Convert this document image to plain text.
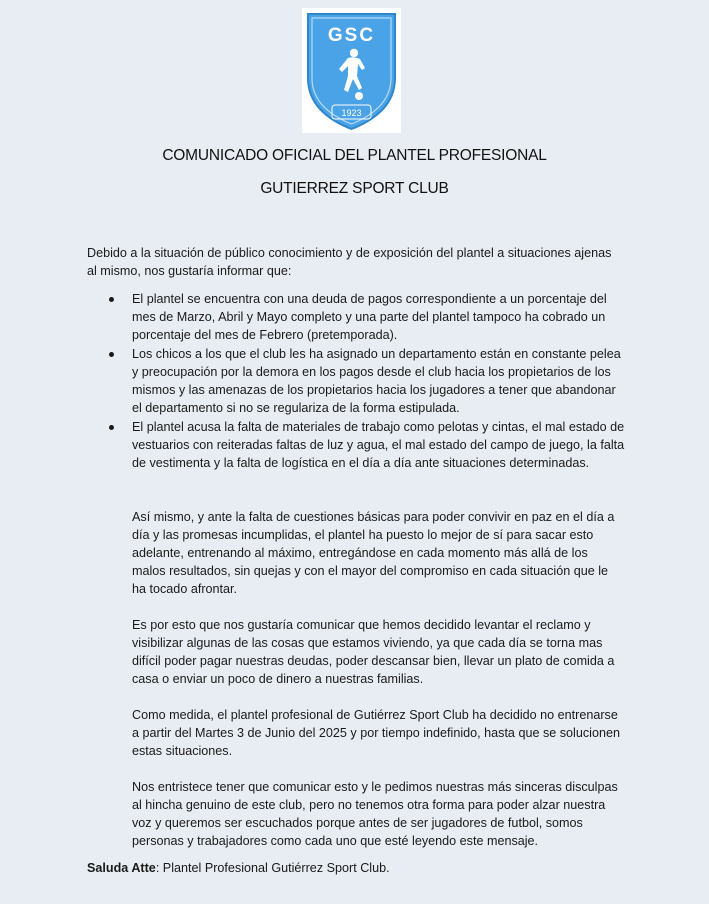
GSC
1923
COMUNICADO OFICIAL DEL PLANTEL PROFESIONAL
GUTIERREZ SPORT CLUB

Debido a la situación de público conocimiento y de exposición del plantel a situaciones ajenas al mismo, nos gustaría informar que:

El plantel se encuentra con una deuda de pagos correspondiente a un porcentaje del mes de Marzo, Abril y Mayo completo y una parte del plantel tampoco ha cobrado un porcentaje del mes de Febrero (pretemporada).
Los chicos a los que el club les ha asignado un departamento están en constante pelea y preocupación por la demora en los pagos desde el club hacia los propietarios de los mismos y las amenazas de los propietarios hacia los jugadores a tener que abandonar el departamento si no se regulariza de la forma estipulada.
El plantel acusa la falta de materiales de trabajo como pelotas y cintas, el mal estado de vestuarios con reiteradas faltas de luz y agua, el mal estado del campo de juego, la falta de vestimenta y la falta de logística en el día a día ante situaciones determinadas.

Así mismo, y ante la falta de cuestiones básicas para poder convivir en paz en el día a día y las promesas incumplidas, el plantel ha puesto lo mejor de sí para sacar esto adelante, entrenando al máximo, entregándose en cada momento más allá de los malos resultados, sin quejas y con el mayor del compromiso en cada situación que le ha tocado afrontar.

Es por esto que nos gustaría comunicar que hemos decidido levantar el reclamo y visibilizar algunas de las cosas que estamos viviendo, ya que cada día se torna mas difícil poder pagar nuestras deudas, poder descansar bien, llevar un plato de comida a casa o enviar un poco de dinero a nuestras familias.

Como medida, el plantel profesional de Gutiérrez Sport Club ha decidido no entrenarse a partir del Martes 3 de Junio del 2025 y por tiempo indefinido, hasta que se solucionen estas situaciones.

Nos entristece tener que comunicar esto y le pedimos nuestras más sinceras disculpas al hincha genuino de este club, pero no tenemos otra forma para poder alzar nuestra voz y queremos ser escuchados porque antes de ser jugadores de futbol, somos personas y trabajadores como cada uno que esté leyendo este mensaje.

Saluda Atte: Plantel Profesional Gutiérrez Sport Club.
